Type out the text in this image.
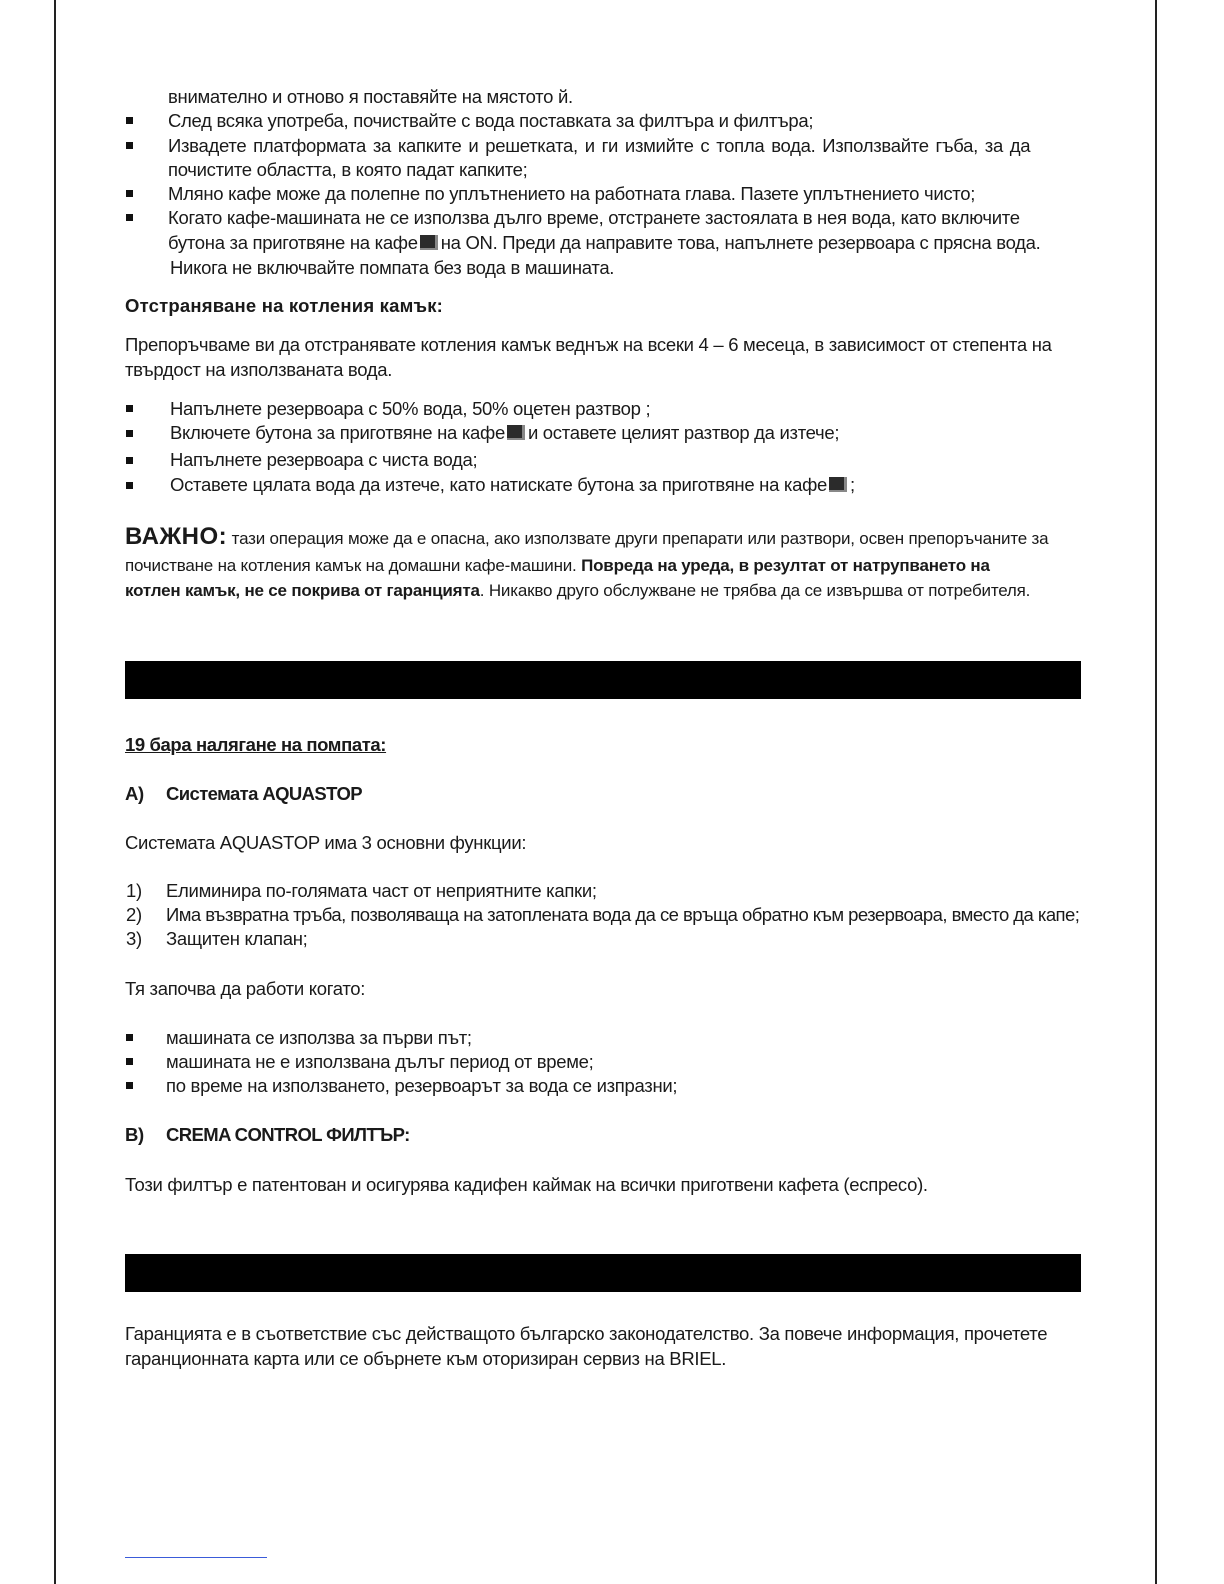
внимателно и отново я поставяйте на мястото й.
След всяка употреба, почиствайте с вода поставката за филтъра и филтъра;
Извадете платформата за капките и решетката, и ги измийте с топла вода. Използвайте гъба, за да
почистите областта, в която падат капките;
Мляно кафе може да полепне по уплътнението на работната глава. Пазете уплътнението чисто;
Когато кафе-машината не се използва дълго време, отстранете застоялата в нея вода, като включите
бутона за приготвяне на кафе на ON. Преди да направите това, напълнете резервоара с прясна вода.
Никога не включвайте помпата без вода в машината.
Отстраняване на котления камък:
Препоръчваме ви да отстранявате котления камък веднъж на всеки 4 – 6 месеца, в зависимост от степента на
твърдост на използваната вода.
Напълнете резервоара с 50% вода, 50% оцетен разтвор ;
Включете бутона за приготвяне на кафе и оставете целият разтвор да изтече;
Напълнете резервоара с чиста вода;
Оставете цялата вода да изтече, като натискате бутона за приготвяне на кафе ;
ВАЖНО: тази операция може да е опасна, ако използвате други препарати или разтвори, освен препоръчаните за
почистване на котления камък на домашни кафе-машини. Повреда на уреда, в резултат от натрупването на
котлен камък, не се покрива от гаранцията. Никакво друго обслужване не трябва да се извършва от потребителя.
19 бара налягане на помпата:
A) Системата AQUASTOP
Системата AQUASTOP има 3 основни функции:
1) Елиминира по-голямата част от неприятните капки;
2) Има възвратна тръба, позволяваща на затоплената вода да се връща обратно към резервоара, вместо да капе;
3) Защитен клапан;
Тя започва да работи когато:
машината се използва за първи път;
машината не е използвана дълъг период от време;
по време на използването, резервоарът за вода се изпразни;
B) CREMA CONTROL ФИЛТЪР:
Този филтър е патентован и осигурява кадифен каймак на всички приготвени кафета (еспресо).
Гаранцията е в съответствие със действащото българско законодателство. За повече информация, прочетете
гаранционната карта или се обърнете към оторизиран сервиз на BRIEL.
